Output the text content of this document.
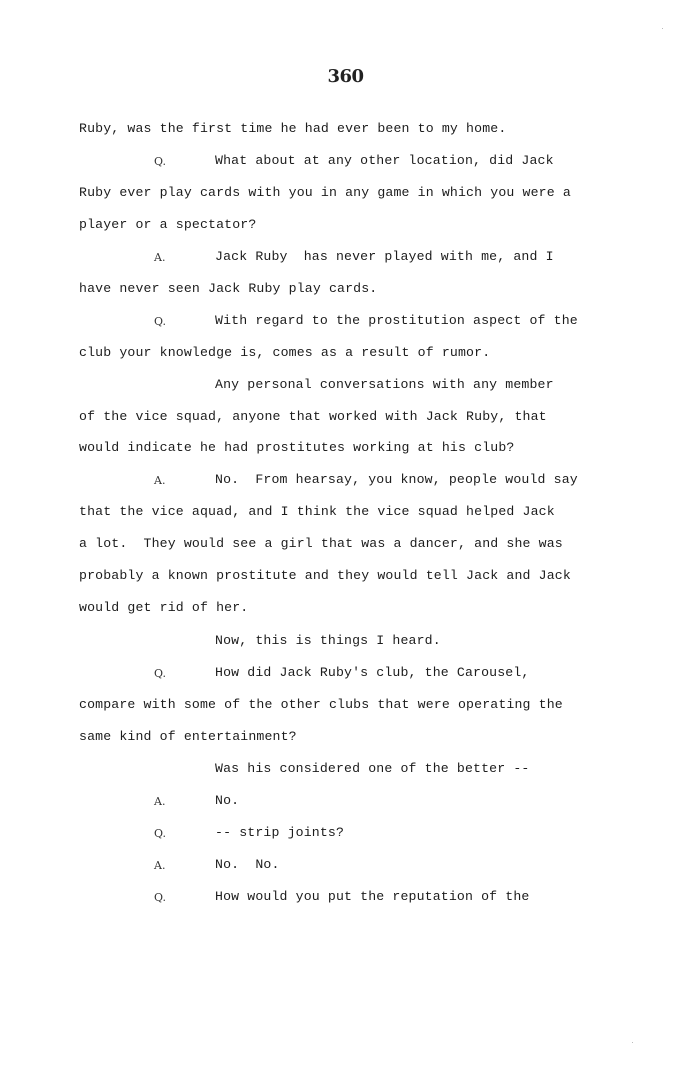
360
Ruby, was the first time he had ever been to my home.
Q.	What about at any other location, did Jack
Ruby ever play cards with you in any game in which you were a
player or a spectator?
A.	Jack Ruby  has never played with me, and I
have never seen Jack Ruby play cards.
Q.	With regard to the prostitution aspect of the
club your knowledge is, comes as a result of rumor.
Any personal conversations with any member
of the vice squad, anyone that worked with Jack Ruby, that
would indicate he had prostitutes working at his club?
A.	No.  From hearsay, you know, people would say
that the vice aquad, and I think the vice squad helped Jack
a lot.  They would see a girl that was a dancer, and she was
probably a known prostitute and they would tell Jack and Jack
would get rid of her.
Now, this is things I heard.
Q.	How did Jack Ruby's club, the Carousel,
compare with some of the other clubs that were operating the
same kind of entertainment?
Was his considered one of the better --
A.	No.
Q.	-- strip joints?
A.	No.  No.
Q.	How would you put the reputation of the
